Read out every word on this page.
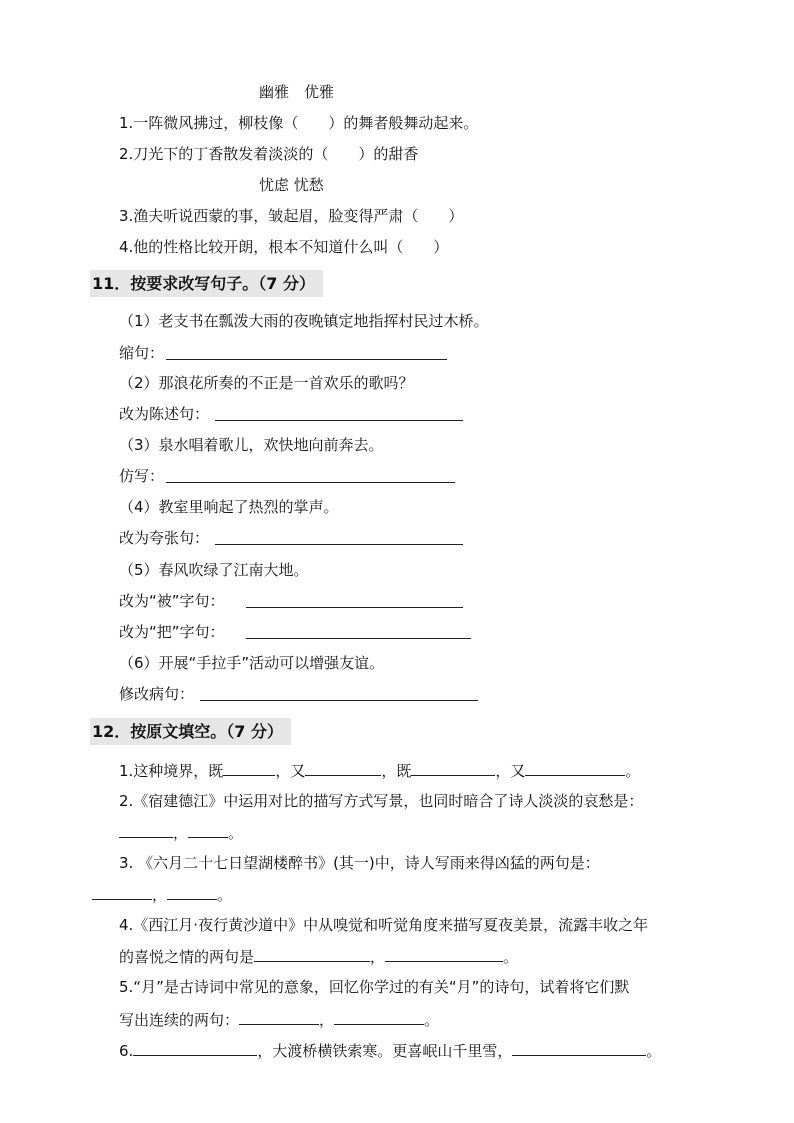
幽雅　优雅
1.一阵微风拂过，柳枝像（　　）的舞者般舞动起来。
2.刀光下的丁香散发着淡淡的（　　）的甜香
忧虑 忧愁
3.渔夫听说西蒙的事，皱起眉，脸变得严肃（　　）
4.他的性格比较开朗，根本不知道什么叫（　　）
11．按要求改写句子。（7 分）
（1）老支书在瓢泼大雨的夜晚镇定地指挥村民过木桥。
缩句：
（2）那浪花所奏的不正是一首欢乐的歌吗？
改为陈述句：
（3）泉水唱着歌儿，欢快地向前奔去。
仿写：
（4）教室里响起了热烈的掌声。
改为夸张句：
（5）春风吹绿了江南大地。
改为“被”字句：
改为“把”字句：
（6）开展“手拉手”活动可以增强友谊。
修改病句：
12．按原文填空。（7 分）
1.这种境界，既	，又	，既	，又	。
2.《宿建德江》中运用对比的描写方式写景，也同时暗合了诗人淡淡的哀愁是：
，	。
3. 《六月二十七日望湖楼醉书》(其一)中，诗人写雨来得凶猛的两句是：
，	。
4.《西江月·夜行黄沙道中》中从嗅觉和听觉角度来描写夏夜美景，流露丰收之年
的喜悦之情的两句是	，	。
5.“月”是古诗词中常见的意象，回忆你学过的有关“月”的诗句，试着将它们默
写出连续的两句：	，	。
6.	，大渡桥横铁索寒。更喜岷山千里雪，	。
